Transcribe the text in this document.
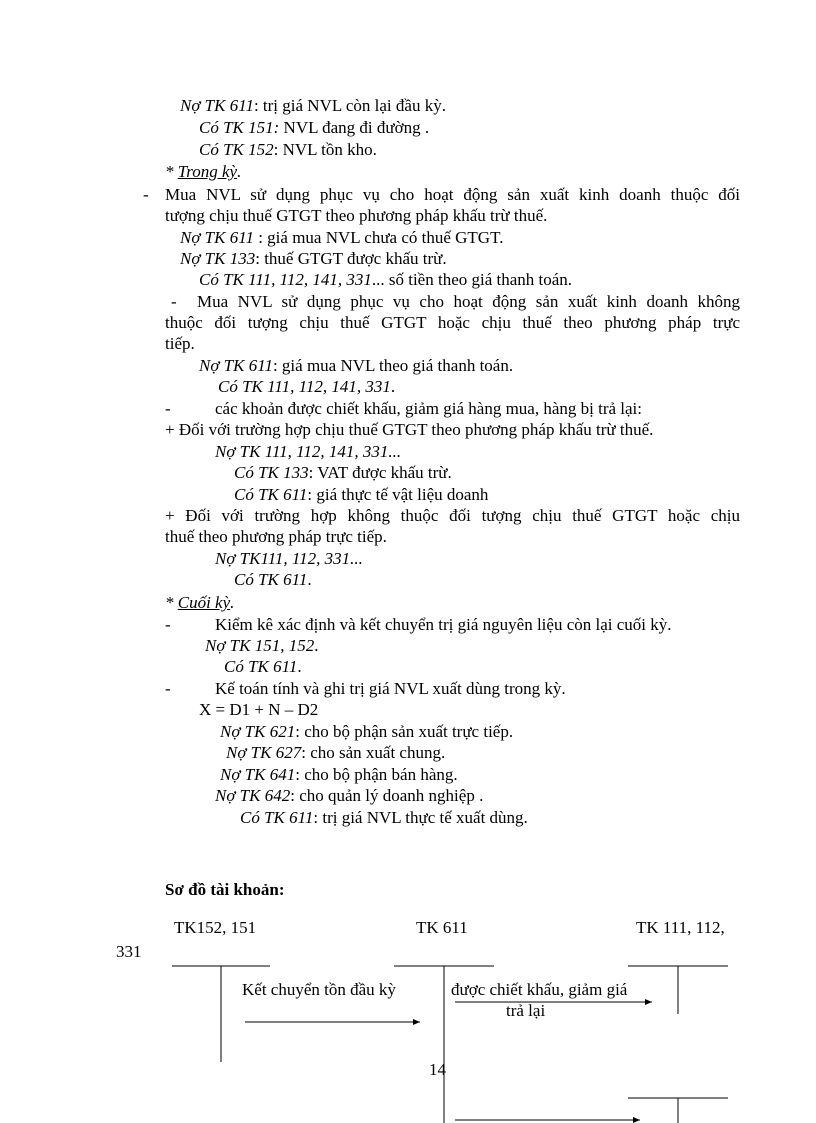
Nợ TK 611: trị giá NVL còn lại đầu kỳ.
Có TK 151: NVL đang đi đường .
Có TK 152: NVL tồn kho.
* Trong kỳ.
- Mua NVL sử dụng phục vụ cho hoạt động sản xuất kinh doanh thuộc đối
tượng chịu thuế GTGT theo phương pháp khấu trừ thuế.
Nợ TK 611 : giá mua NVL chưa có thuế GTGT.
Nợ TK 133: thuế GTGT được khấu trừ.
Có TK 111, 112, 141, 331... số tiền theo giá thanh toán.
- Mua NVL sử dụng phục vụ cho hoạt động sản xuất kinh doanh không
thuộc đối tượng chịu thuế GTGT hoặc chịu thuế theo phương pháp trực
tiếp.
Nợ TK 611: giá mua NVL theo giá thanh toán.
Có TK 111, 112, 141, 331.
-	các khoản được chiết khấu, giảm giá hàng mua, hàng bị trả lại:
+ Đối với trường hợp chịu thuế GTGT theo phương pháp khấu trừ thuế.
Nợ TK 111, 112, 141, 331...
Có TK 133: VAT được khấu trừ.
Có TK 611: giá thực tế vật liệu doanh
+ Đối với trường hợp không thuộc đối tượng chịu thuế GTGT hoặc chịu
thuế theo phương pháp trực tiếp.
Nợ TK111, 112, 331...
Có TK 611.
* Cuối kỳ.
-	Kiểm kê xác định và kết chuyển trị giá nguyên liệu còn lại cuối kỳ.
Nợ TK 151, 152.
Có TK 611.
-	Kế toán tính và ghi trị giá NVL xuất dùng trong kỳ.
X = D1 + N – D2
Nợ TK 621: cho bộ phận sản xuất trực tiếp.
Nợ TK 627: cho sản xuất chung.
Nợ TK 641: cho bộ phận bán hàng.
Nợ TK 642: cho quản lý doanh nghiệp .
Có TK 611: trị giá NVL thực tế xuất dùng.
Sơ đồ tài khoản:
TK152, 151	TK 611	TK 111, 112,
331
Kết chuyển tồn đầu kỳ	được chiết khấu, giảm giá
trả lại
14
